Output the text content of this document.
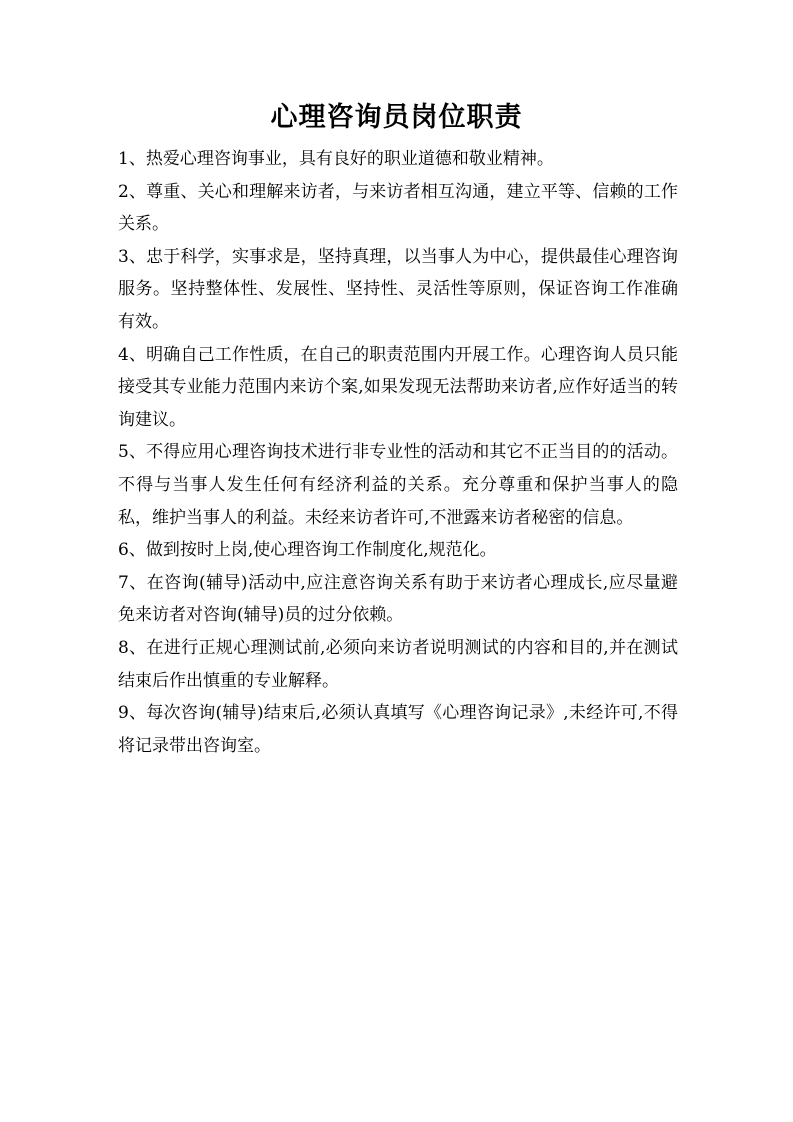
心理咨询员岗位职责

1、热爱心理咨询事业，具有良好的职业道德和敬业精神。

2、尊重、关心和理解来访者，与来访者相互沟通，建立平等、信赖的工作关系。

3、忠于科学，实事求是，坚持真理，以当事人为中心，提供最佳心理咨询服务。坚持整体性、发展性、坚持性、灵活性等原则，保证咨询工作准确有效。

4、明确自己工作性质，在自己的职责范围内开展工作。心理咨询人员只能接受其专业能力范围内来访个案,如果发现无法帮助来访者,应作好适当的转询建议。

5、不得应用心理咨询技术进行非专业性的活动和其它不正当目的的活动。不得与当事人发生任何有经济利益的关系。充分尊重和保护当事人的隐私，维护当事人的利益。未经来访者许可,不泄露来访者秘密的信息。

6、做到按时上岗,使心理咨询工作制度化,规范化。

7、在咨询(辅导)活动中,应注意咨询关系有助于来访者心理成长,应尽量避免来访者对咨询(辅导)员的过分依赖。

8、在进行正规心理测试前,必须向来访者说明测试的内容和目的,并在测试结束后作出慎重的专业解释。

9、每次咨询(辅导)结束后,必须认真填写《心理咨询记录》,未经许可,不得将记录带出咨询室。
